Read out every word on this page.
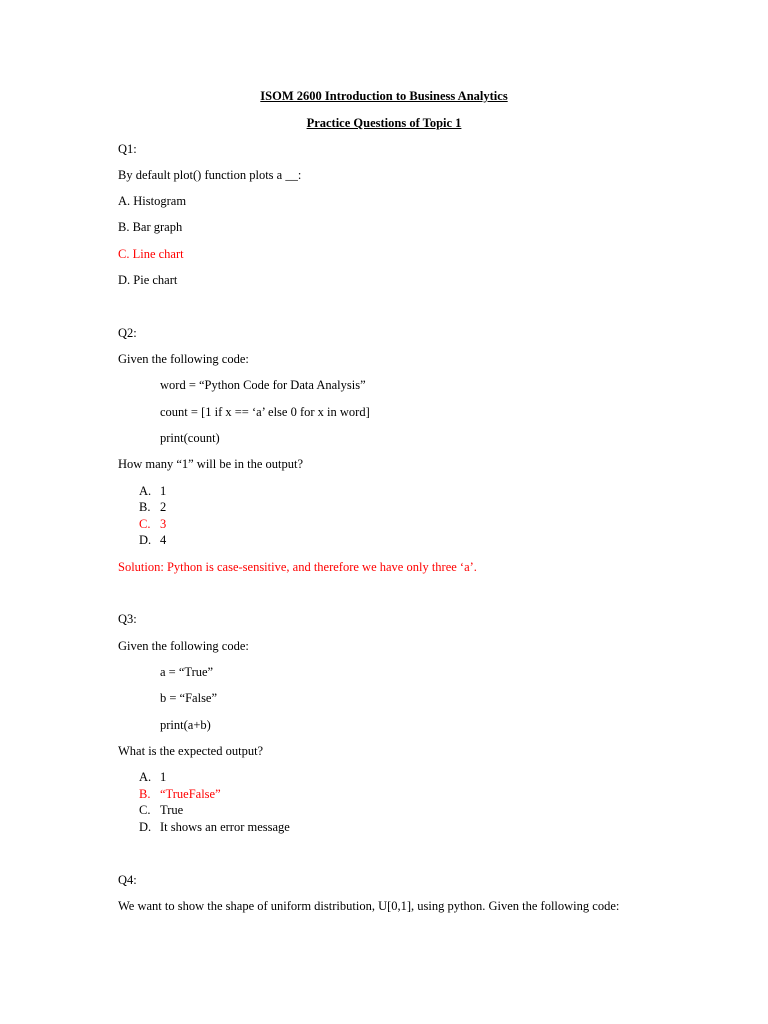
ISOM 2600 Introduction to Business Analytics
Practice Questions of Topic 1
Q1:
By default plot() function plots a __:
A. Histogram
B. Bar graph
C. Line chart
D. Pie chart
Q2:
Given the following code:
word = “Python Code for Data Analysis”
count = [1 if x == ‘a’ else 0 for x in word]
print(count)
How many “1” will be in the output?
A. 1
B. 2
C. 3
D. 4
Solution: Python is case-sensitive, and therefore we have only three ‘a’.
Q3:
Given the following code:
a = “True”
b = “False”
print(a+b)
What is the expected output?
A. 1
B. “TrueFalse”
C. True
D. It shows an error message
Q4:
We want to show the shape of uniform distribution, U[0,1], using python. Given the following code:
